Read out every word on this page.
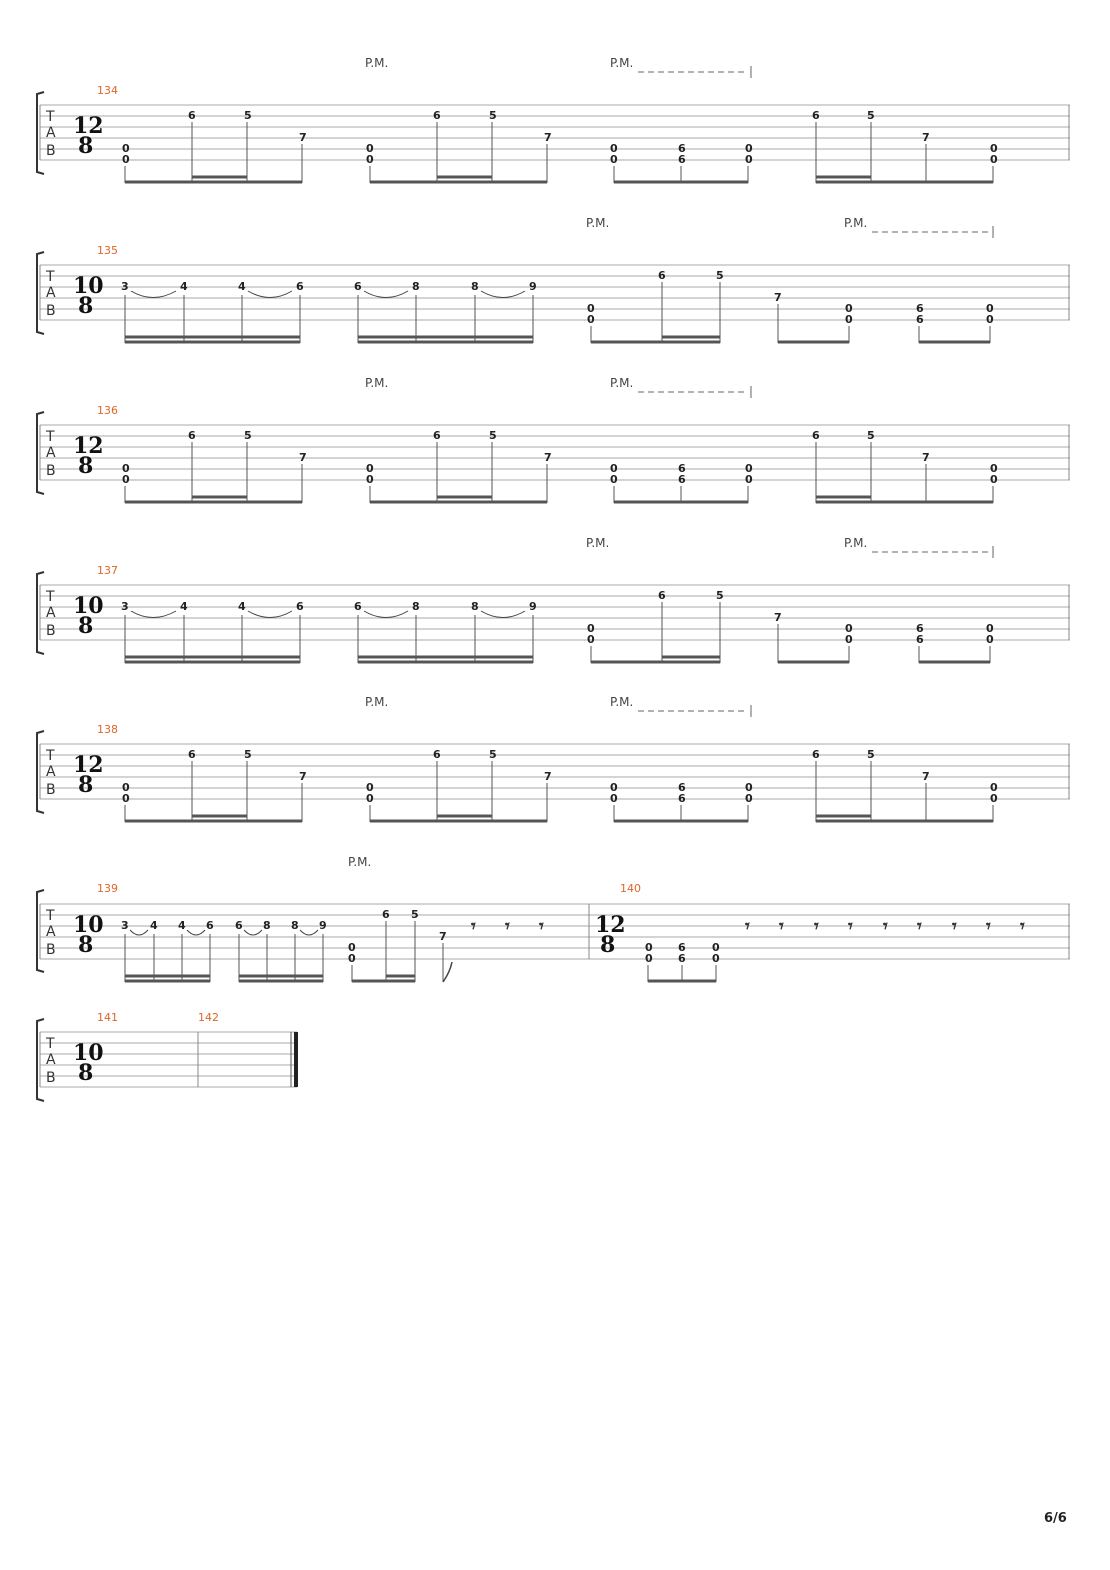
P.M.	P.M.
134
T
A
B
12
8	0
0
6	5
7
0
0
6	5
7
0
0
6
6
0
0
6	5
7
0
0
P.M.	P.M.
135
T
A
B
10
8
3	4	4	6	6	8	8	9
0
0
6	5
7
0
0
6
6
0
0
P.M.	P.M.
136
T
A
B
12
8	0
0
6	5
7
0
0
6	5
7
0
0
6
6
0
0
6	5
7
0
0
P.M.	P.M.
137
T
A
B
10
8
3	4	4	6	6	8	8	9
0
0
6	5
7
0
0
6
6
0
0
P.M.	P.M.
138
T
A
B
12
8	0
0
6	5
7
0
0
6	5
7
0
0
6
6
0
0
6	5
7
0
0
P.M.
139	140
T
A
B
10
8
12
8
3 4 4 6 6 8 8 9
0
0
6 5
7
0
0
6
6
0
0
𝄾 𝄾 𝄾	𝄾 𝄾 𝄾 𝄾 𝄾 𝄾 𝄾 𝄾 𝄾
141	142
T
A
B
10
8
6/6
